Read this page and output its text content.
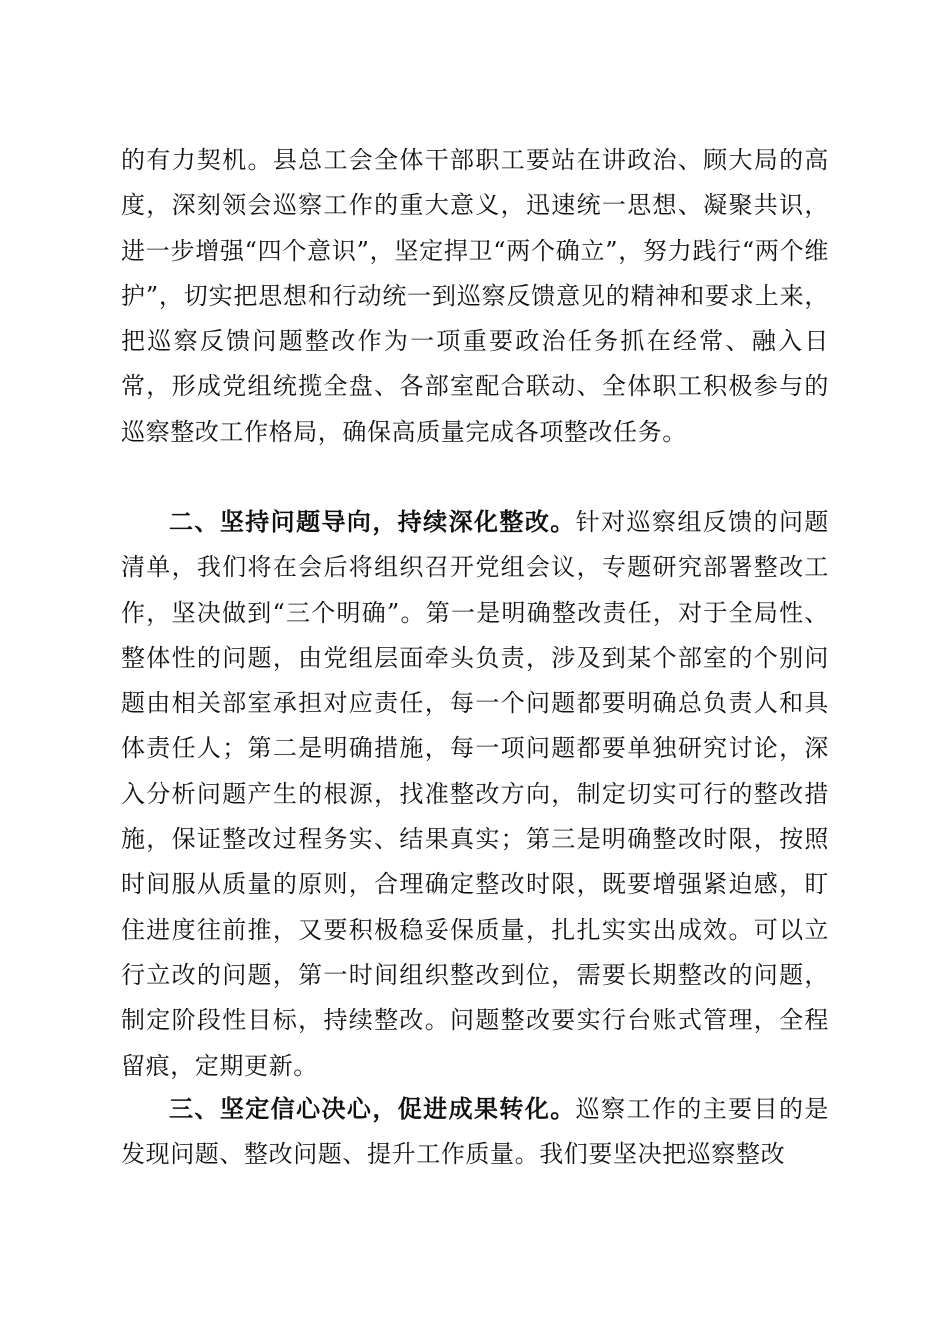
的有力契机。县总工会全体干部职工要站在讲政治、顾大局的高度，深刻领会巡察工作的重大意义，迅速统一思想、凝聚共识，进一步增强“四个意识”，坚定捍卫“两个确立”，努力践行“两个维护”，切实把思想和行动统一到巡察反馈意见的精神和要求上来，把巡察反馈问题整改作为一项重要政治任务抓在经常、融入日常，形成党组统揽全盘、各部室配合联动、全体职工积极参与的巡察整改工作格局，确保高质量完成各项整改任务。

二、坚持问题导向，持续深化整改。针对巡察组反馈的问题清单，我们将在会后将组织召开党组会议，专题研究部署整改工作，坚决做到“三个明确”。第一是明确整改责任，对于全局性、整体性的问题，由党组层面牵头负责，涉及到某个部室的个别问题由相关部室承担对应责任，每一个问题都要明确总负责人和具体责任人；第二是明确措施，每一项问题都要单独研究讨论，深入分析问题产生的根源，找准整改方向，制定切实可行的整改措施，保证整改过程务实、结果真实；第三是明确整改时限，按照时间服从质量的原则，合理确定整改时限，既要增强紧迫感，盯住进度往前推，又要积极稳妥保质量，扎扎实实出成效。可以立行立改的问题，第一时间组织整改到位，需要长期整改的问题，制定阶段性目标，持续整改。问题整改要实行台账式管理，全程留痕，定期更新。

三、坚定信心决心，促进成果转化。巡察工作的主要目的是发现问题、整改问题、提升工作质量。我们要坚决把巡察整改
